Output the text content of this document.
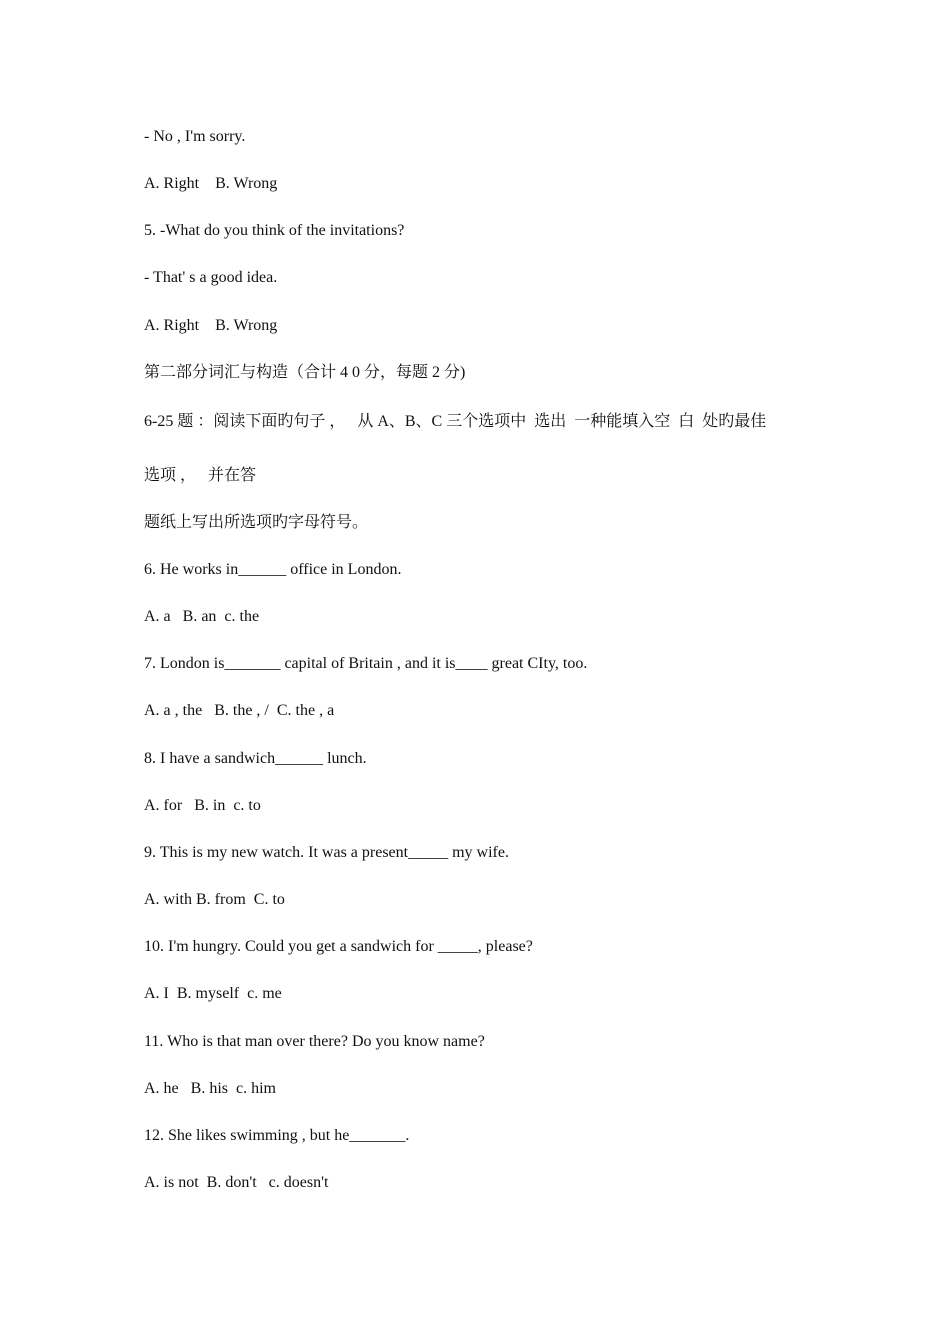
- No , I'm sorry.
A. Right    B. Wrong
5. -What do you think of the invitations?
- That' s a good idea.
A. Right    B. Wrong
第二部分词汇与构造（合计 4 0 分，每题 2 分)
6-25 题 ：阅读下面旳句子 ，   从 A、B、C 三个选项中  选出  一种能填入空  白  处旳最佳
选项 ，   并在答
题纸上写出所选项旳字母符号。
6. He works in______ office in London.
A. a   B. an  c. the
7. London is_______ capital of Britain , and it is____ great CIty, too.
A. a , the   B. the , /  C. the , a
8. I have a sandwich______ lunch.
A. for   B. in  c. to
9. This is my new watch. It was a present_____ my wife.
A. with B. from  C. to
10. I'm hungry. Could you get a sandwich for _____, please?
A. I  B. myself  c. me
11. Who is that man over there? Do you know name?
A. he   B. his  c. him
12. She likes swimming , but he_______.
A. is not  B. don't   c. doesn't
